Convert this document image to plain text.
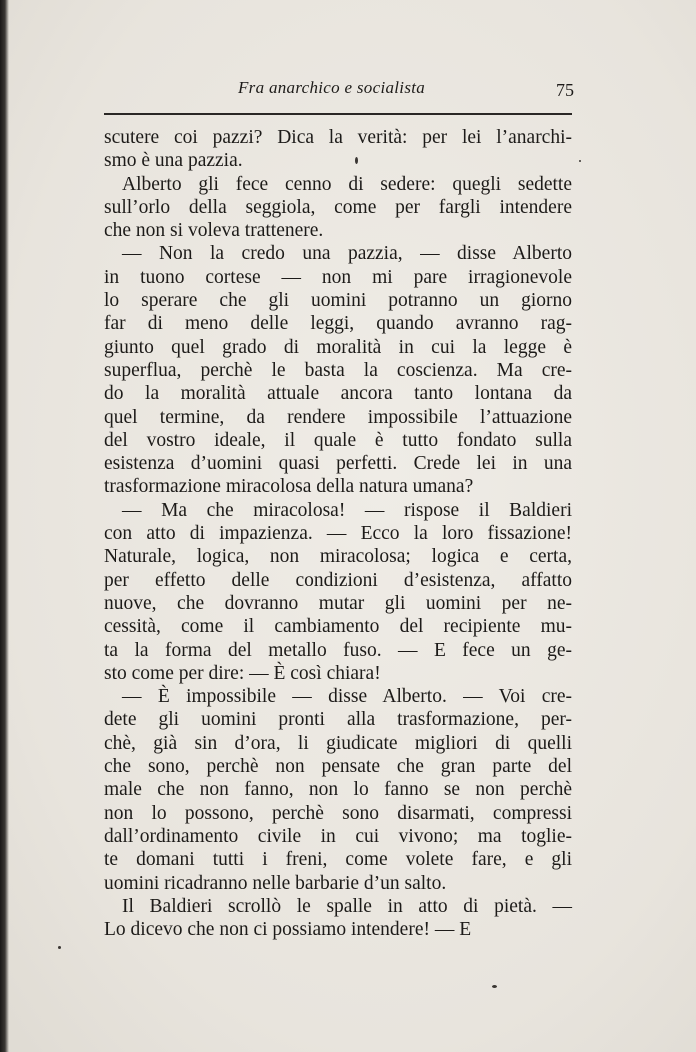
Fra anarchico e socialista	75
scutere coi pazzi? Dica la verità: per lei l’anarchi-
smo è una pazzia.
Alberto gli fece cenno di sedere: quegli sedette
sull’orlo della seggiola, come per fargli intendere
che non si voleva trattenere.
— Non la credo una pazzia, — disse Alberto
in tuono cortese — non mi pare irragionevole
lo sperare che gli uomini potranno un giorno
far di meno delle leggi, quando avranno rag-
giunto quel grado di moralità in cui la legge è
superflua, perchè le basta la coscienza. Ma cre-
do la moralità attuale ancora tanto lontana da
quel termine, da rendere impossibile l’attuazione
del vostro ideale, il quale è tutto fondato sulla
esistenza d’uomini quasi perfetti. Crede lei in una
trasformazione miracolosa della natura umana?
— Ma che miracolosa! — rispose il Baldieri
con atto di impazienza. — Ecco la loro fissazione!
Naturale, logica, non miracolosa; logica e certa,
per effetto delle condizioni d’esistenza, affatto
nuove, che dovranno mutar gli uomini per ne-
cessità, come il cambiamento del recipiente mu-
ta la forma del metallo fuso. — E fece un ge-
sto come per dire: — È così chiara!
— È impossibile — disse Alberto. — Voi cre-
dete gli uomini pronti alla trasformazione, per-
chè, già sin d’ora, li giudicate migliori di quelli
che sono, perchè non pensate che gran parte del
male che non fanno, non lo fanno se non perchè
non lo possono, perchè sono disarmati, compressi
dall’ordinamento civile in cui vivono; ma toglie-
te domani tutti i freni, come volete fare, e gli
uomini ricadranno nelle barbarie d’un salto.
Il Baldieri scrollò le spalle in atto di pietà. —
Lo dicevo che non ci possiamo intendere! — E
